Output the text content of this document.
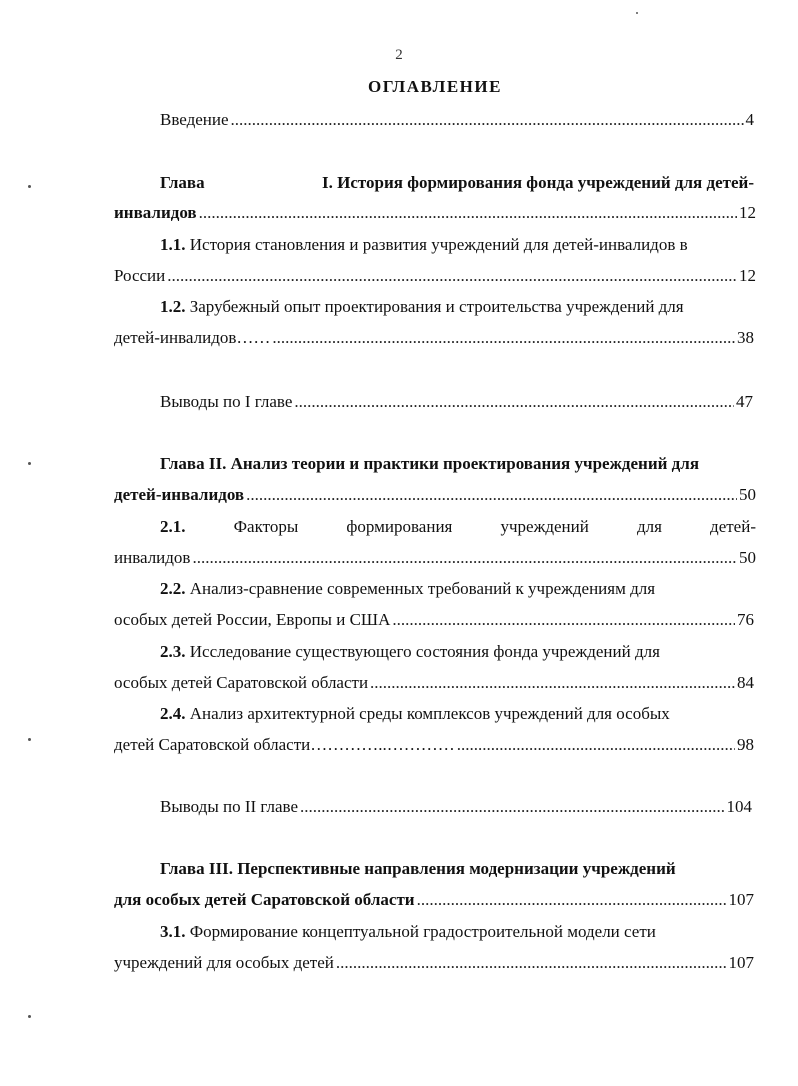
2
ОГЛАВЛЕНИЕ
Введение .....	4
Глава	I. История формирования фонда учреждений для детей-
инвалидов .....	12
1.1. История становления и развития учреждений для детей-инвалидов в
России .....	12
1.2. Зарубежный опыт проектирования и строительства учреждений для
детей-инвалидов…… .....	38
Выводы по I главе .....	47
Глава II. Анализ теории и практики проектирования учреждений для
детей-инвалидов .....	50
2.1.	Факторы	формирования	учреждений	для	детей-
инвалидов .....	50
2.2. Анализ-сравнение современных требований к учреждениям для
особых детей России, Европы и США .....	76
2.3. Исследование существующего состояния фонда учреждений для
особых детей Саратовской области .....	84
2.4. Анализ архитектурной среды комплексов учреждений для особых
детей Саратовской области…………..………… .....	98
Выводы по II главе .....	104
Глава III. Перспективные направления модернизации учреждений
для особых детей Саратовской области .....	107
3.1. Формирование концептуальной градостроительной модели сети
учреждений для особых детей .....	107
